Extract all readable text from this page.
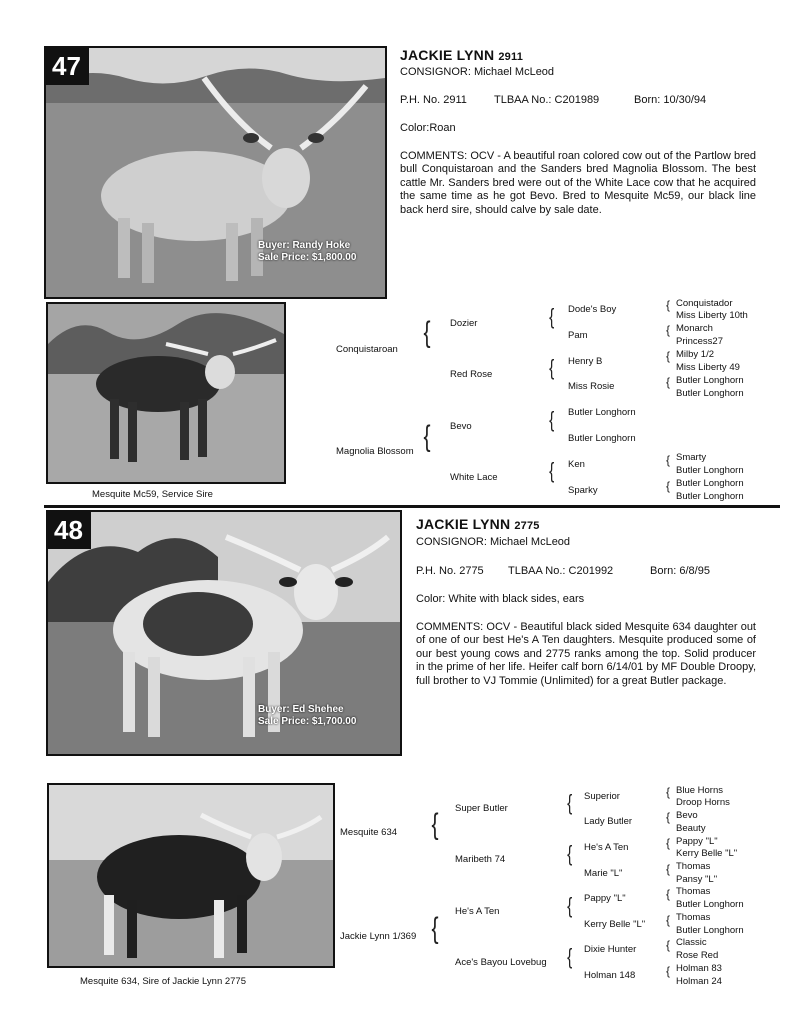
47
Buyer: Randy Hoke
Sale Price: $1,800.00
JACKIE LYNN 2911
CONSIGNOR: Michael McLeod
P.H. No. 2911 TLBAA No.: C201989	Born: 10/30/94
Color:Roan
COMMENTS: OCV - A beautiful roan colored cow out of the Partlow bred bull Conquistaroan and the Sanders bred Magnolia Blossom. The best cattle Mr. Sanders bred were out of the White Lace cow that he acquired the same time as he got Bevo. Bred to Mesquite Mc59, our black line back herd sire, should calve by sale date.
Mesquite Mc59, Service Sire
Conquistaroan
Magnolia Blossom
{
{
Dozier
Red Rose
Bevo
White Lace
{
{
{
{
Dode's Boy
Pam
Henry B
Miss Rosie
Butler Longhorn
Butler Longhorn
Ken
Sparky
{
{
{
{
{
{
Conquistador
Miss Liberty 10th
Monarch
Princess27
Milby 1/2
Miss Liberty 49
Butler Longhorn
Butler Longhorn
Smarty
Butler Longhorn
Butler Longhorn
Butler Longhorn
48
Buyer: Ed Shehee
Sale Price: $1,700.00
JACKIE LYNN 2775
CONSIGNOR: Michael McLeod
P.H. No. 2775 TLBAA No.: C201992	Born: 6/8/95
Color: White with black sides, ears
COMMENTS: OCV - Beautiful black sided Mesquite 634 daughter out of one of our best He's A Ten daughters. Mesquite produced some of our best young cows and 2775 ranks among the top. Solid producer in the prime of her life. Heifer calf born 6/14/01 by MF Double Droopy, full brother to VJ Tommie (Unlimited) for a great Butler package.
Mesquite 634, Sire of Jackie Lynn 2775
Mesquite 634
Jackie Lynn 1/369
{
{
Super Butler
Maribeth 74
He's A Ten
Ace's Bayou Lovebug
{
{
{
{
Superior
Lady Butler
He's A Ten
Marie "L"
Pappy "L"
Kerry Belle "L"
Dixie Hunter
Holman 148
{
{
{
{
{
{
{
{
Blue Horns
Droop Horns
Bevo
Beauty
Pappy "L"
Kerry Belle "L"
Thomas
Pansy "L"
Thomas
Butler Longhorn
Thomas
Butler Longhorn
Classic
Rose Red
Holman 83
Holman 24
